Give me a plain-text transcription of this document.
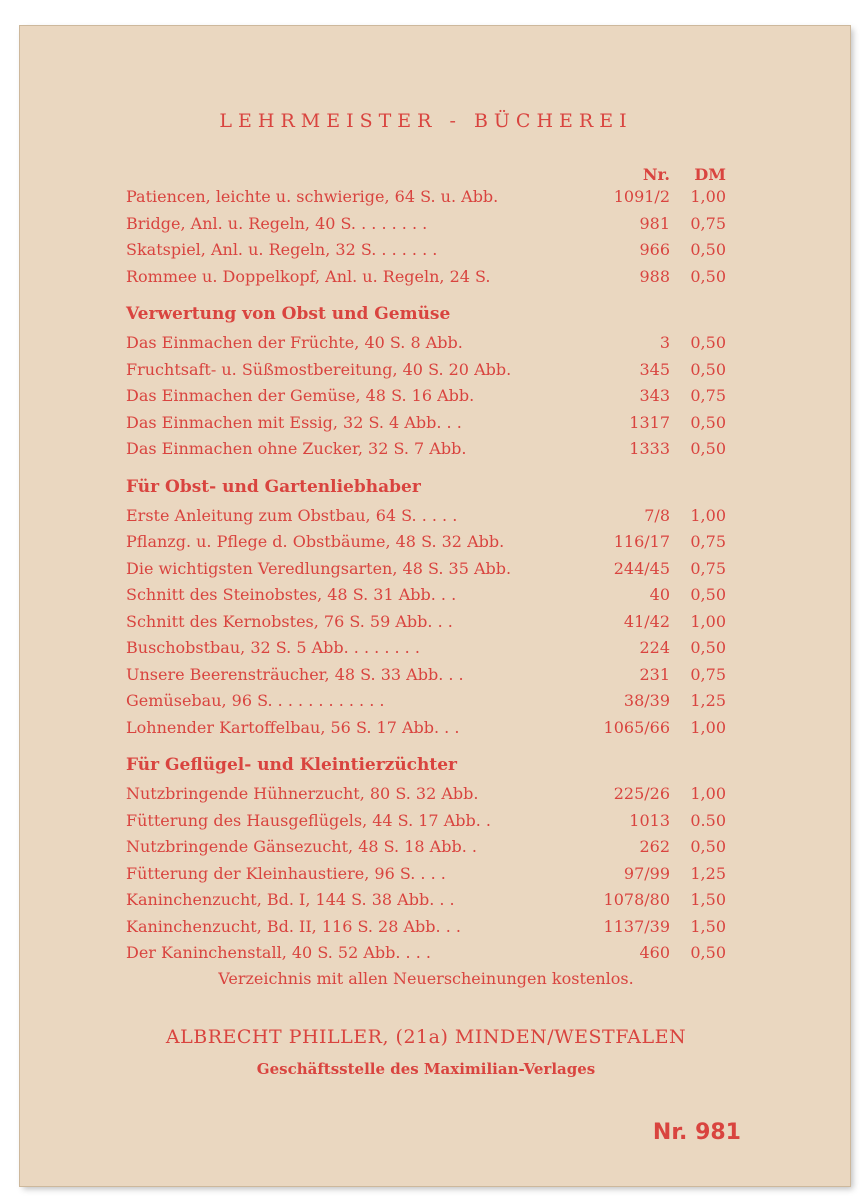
LEHRMEISTER - BÜCHEREI
Nr.	DM
Patiencen, leichte u. schwierige, 64 S. u. Abb.	1091/2	1,00
Bridge, Anl. u. Regeln, 40 S. . . . . . . .	981	0,75
Skatspiel, Anl. u. Regeln, 32 S. . . . . . .	966	0,50
Rommee u. Doppelkopf, Anl. u. Regeln, 24 S.	988	0,50
Verwertung von Obst und Gemüse
Das Einmachen der Früchte, 40 S. 8 Abb.	3	0,50
Fruchtsaft- u. Süßmostbereitung, 40 S. 20 Abb.	345	0,50
Das Einmachen der Gemüse, 48 S. 16 Abb.	343	0,75
Das Einmachen mit Essig, 32 S. 4 Abb. . .	1317	0,50
Das Einmachen ohne Zucker, 32 S. 7 Abb.	1333	0,50
Für Obst- und Gartenliebhaber
Erste Anleitung zum Obstbau, 64 S. . . . .	7/8	1,00
Pflanzg. u. Pflege d. Obstbäume, 48 S. 32 Abb.	116/17	0,75
Die wichtigsten Veredlungsarten, 48 S. 35 Abb.	244/45	0,75
Schnitt des Steinobstes, 48 S. 31 Abb. . .	40	0,50
Schnitt des Kernobstes, 76 S. 59 Abb. . .	41/42	1,00
Buschobstbau, 32 S. 5 Abb. . . . . . . .	224	0,50
Unsere Beerensträucher, 48 S. 33 Abb. . .	231	0,75
Gemüsebau, 96 S. . . . . . . . . . . .	38/39	1,25
Lohnender Kartoffelbau, 56 S. 17 Abb. . .	1065/66	1,00
Für Geflügel- und Kleintierzüchter
Nutzbringende Hühnerzucht, 80 S. 32 Abb.	225/26	1,00
Fütterung des Hausgeflügels, 44 S. 17 Abb. .	1013	0.50
Nutzbringende Gänsezucht, 48 S. 18 Abb. .	262	0,50
Fütterung der Kleinhaustiere, 96 S. . . .	97/99	1,25
Kaninchenzucht, Bd. I, 144 S. 38 Abb. . .	1078/80	1,50
Kaninchenzucht, Bd. II, 116 S. 28 Abb. . .	1137/39	1,50
Der Kaninchenstall, 40 S. 52 Abb. . . .	460	0,50
Verzeichnis mit allen Neuerscheinungen kostenlos.
ALBRECHT PHILLER, (21a) MINDEN/WESTFALEN
Geschäftsstelle des Maximilian-Verlages
Nr. 981
